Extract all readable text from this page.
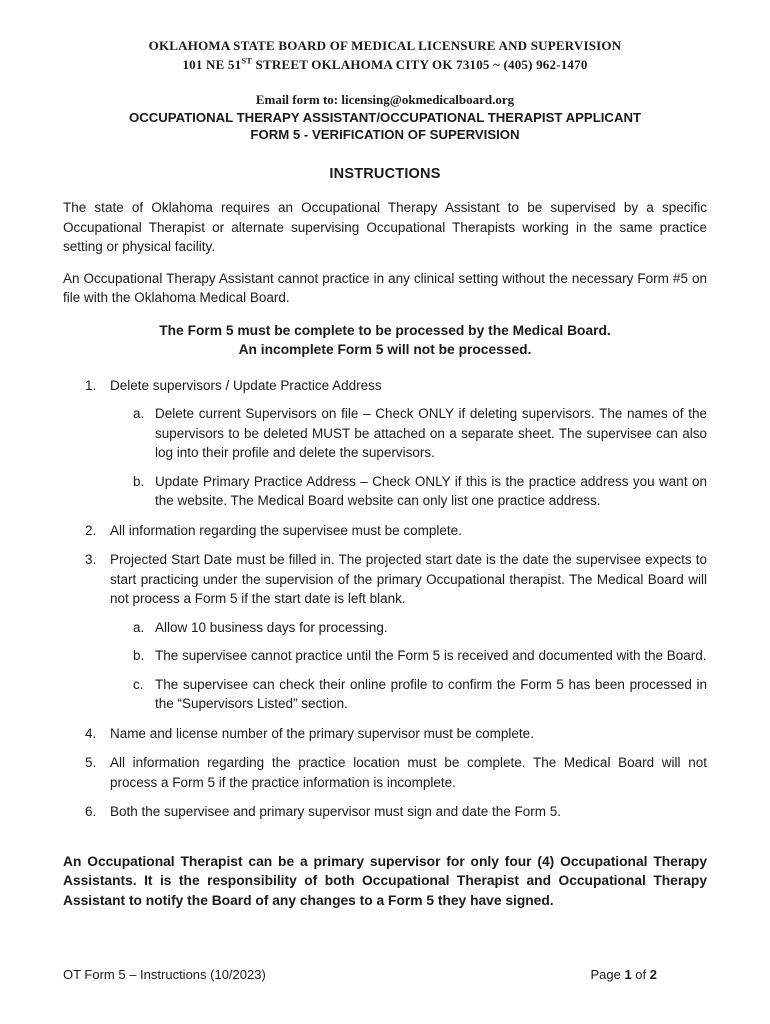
OKLAHOMA STATE BOARD OF MEDICAL LICENSURE AND SUPERVISION
101 NE 51ST STREET OKLAHOMA CITY OK 73105 ~ (405) 962-1470
Email form to: licensing@okmedicalboard.org
OCCUPATIONAL THERAPY ASSISTANT/OCCUPATIONAL THERAPIST APPLICANT
FORM 5 - VERIFICATION OF SUPERVISION
INSTRUCTIONS

The state of Oklahoma requires an Occupational Therapy Assistant to be supervised by a specific Occupational Therapist or alternate supervising Occupational Therapists working in the same practice setting or physical facility.

An Occupational Therapy Assistant cannot practice in any clinical setting without the necessary Form #5 on file with the Oklahoma Medical Board.

The Form 5 must be complete to be processed by the Medical Board.
An incomplete Form 5 will not be processed.
1. Delete supervisors / Update Practice Address
a. Delete current Supervisors on file – Check ONLY if deleting supervisors. The names of the supervisors to be deleted MUST be attached on a separate sheet. The supervisee can also log into their profile and delete the supervisors.
b. Update Primary Practice Address – Check ONLY if this is the practice address you want on the website. The Medical Board website can only list one practice address.
2. All information regarding the supervisee must be complete.
3. Projected Start Date must be filled in. The projected start date is the date the supervisee expects to start practicing under the supervision of the primary Occupational therapist. The Medical Board will not process a Form 5 if the start date is left blank.
a. Allow 10 business days for processing.
b. The supervisee cannot practice until the Form 5 is received and documented with the Board.
c. The supervisee can check their online profile to confirm the Form 5 has been processed in the “Supervisors Listed” section.
4. Name and license number of the primary supervisor must be complete.
5. All information regarding the practice location must be complete. The Medical Board will not process a Form 5 if the practice information is incomplete.
6. Both the supervisee and primary supervisor must sign and date the Form 5.

An Occupational Therapist can be a primary supervisor for only four (4) Occupational Therapy Assistants. It is the responsibility of both Occupational Therapist and Occupational Therapy Assistant to notify the Board of any changes to a Form 5 they have signed.

OT Form 5 – Instructions (10/2023)	Page 1 of 2
